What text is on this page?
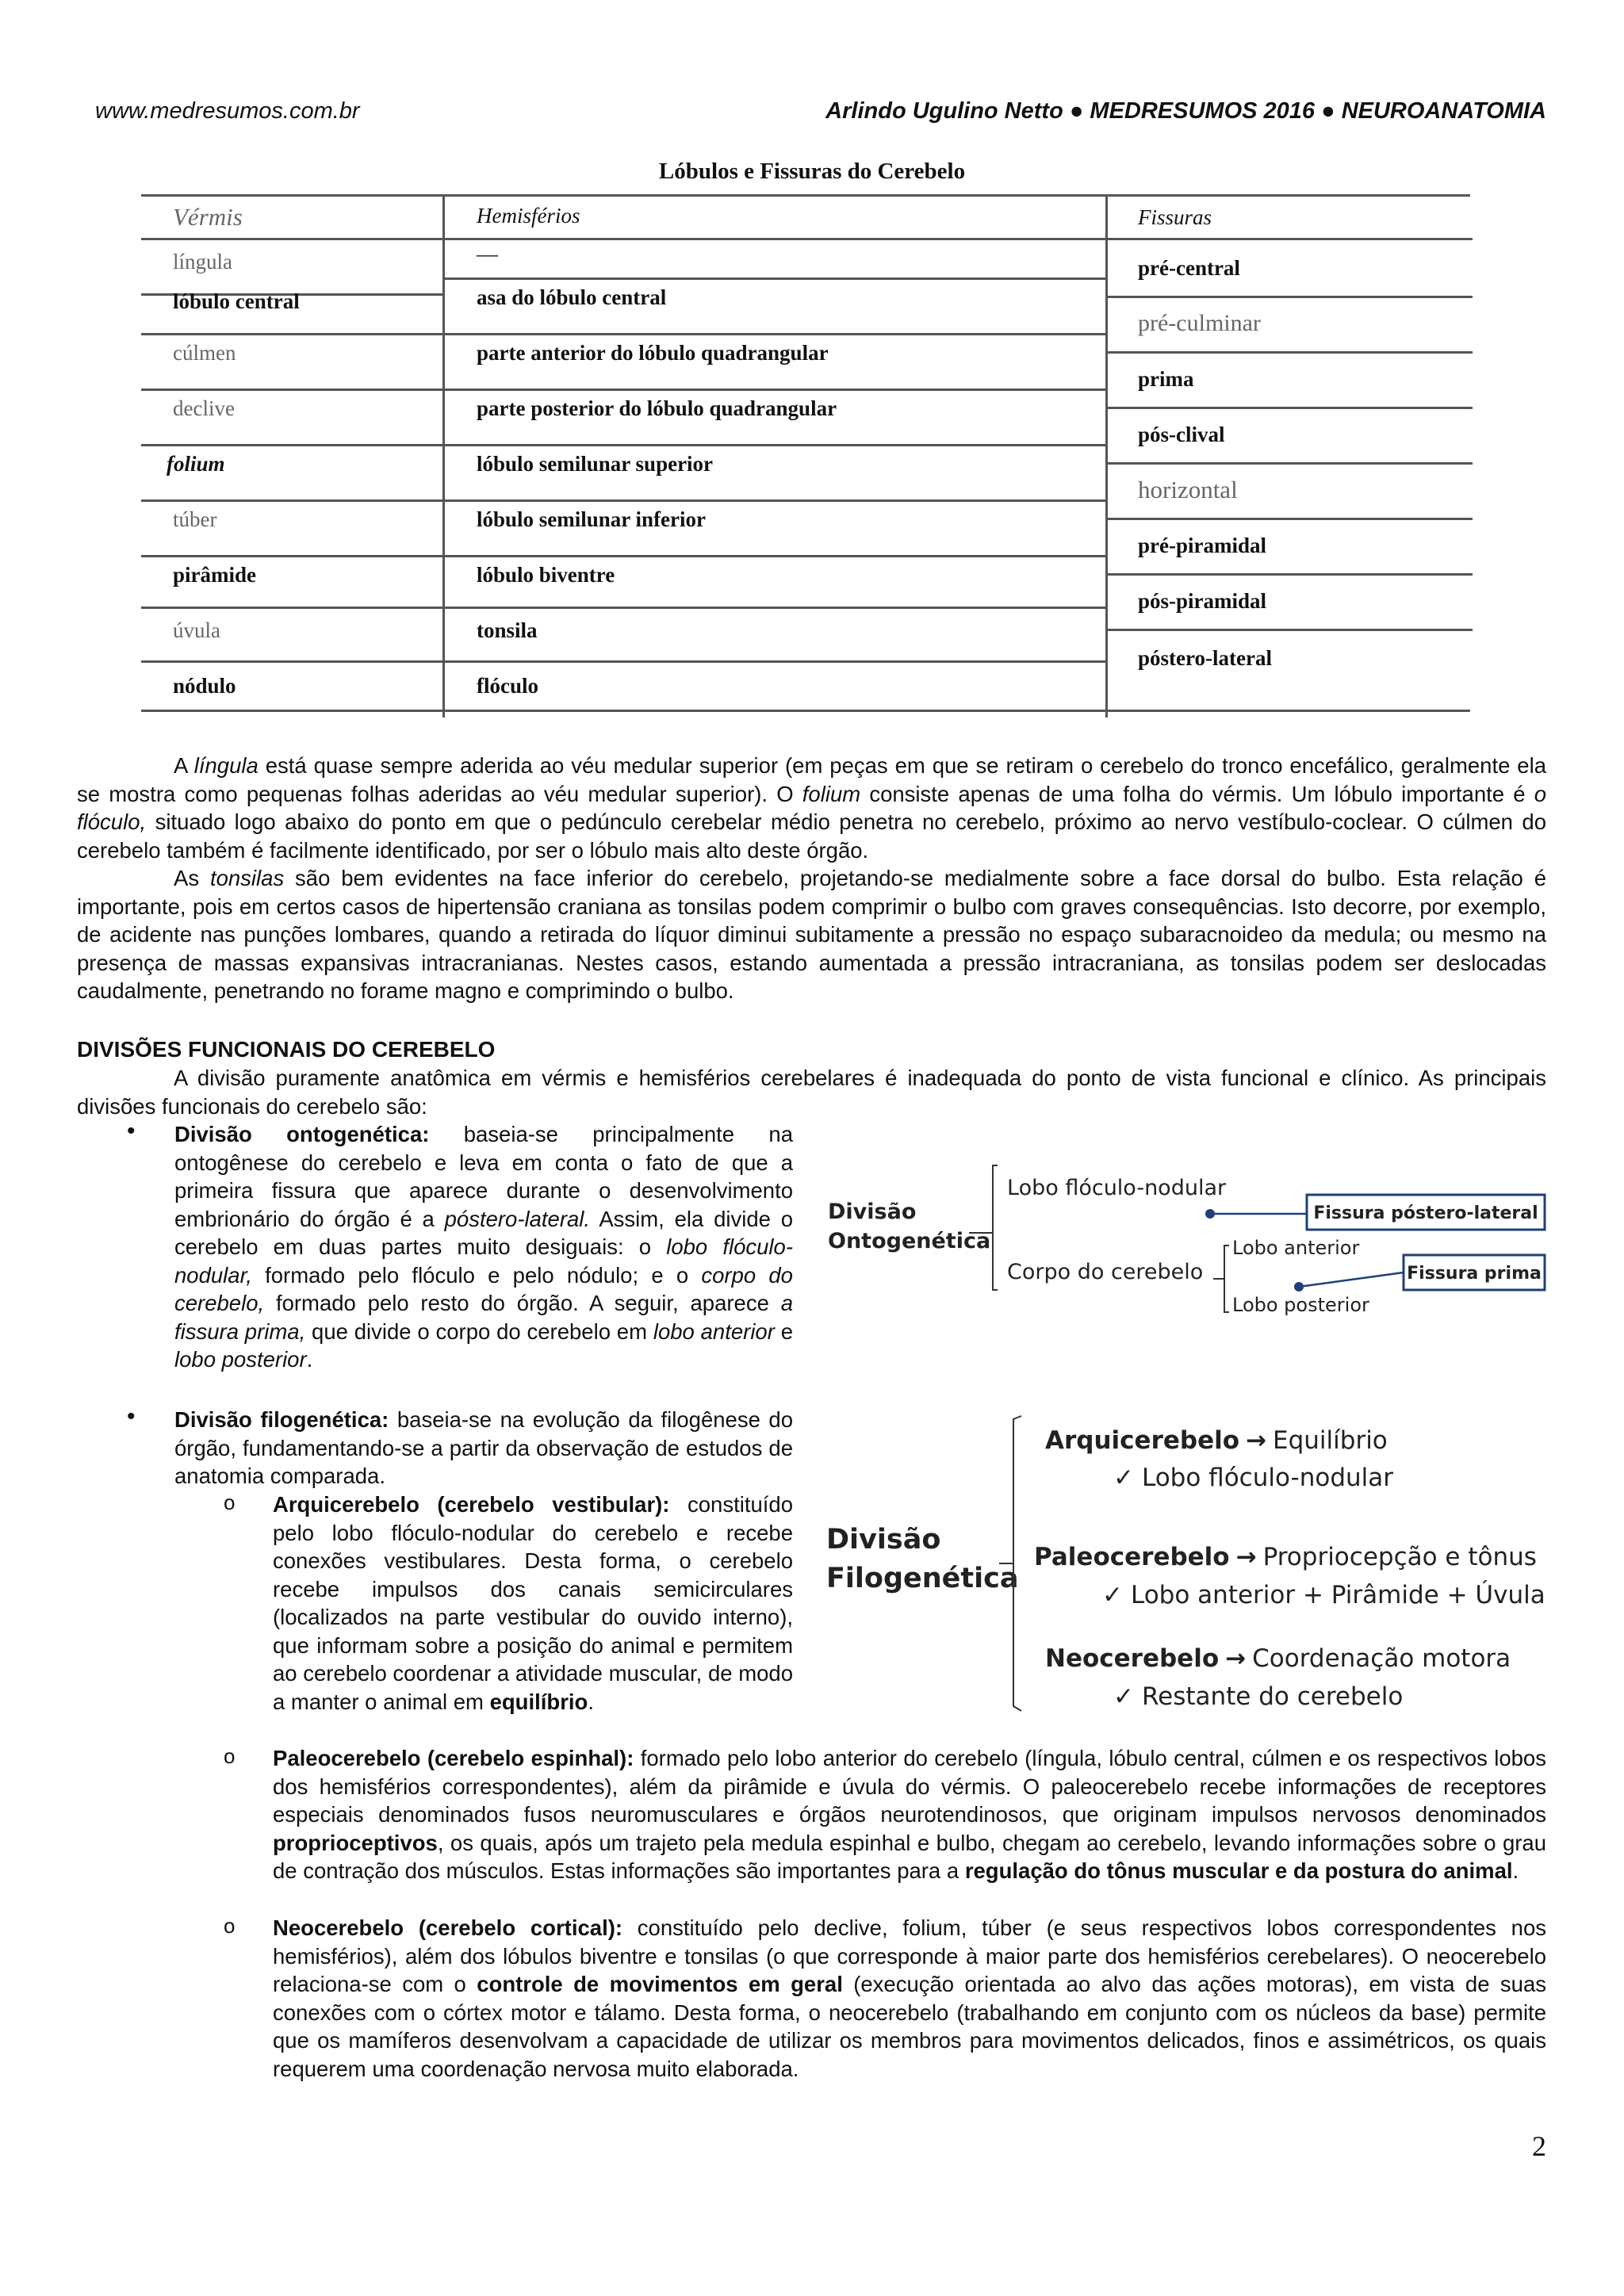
www.medresumos.com.br	Arlindo Ugulino Netto ● MEDRESUMOS 2016 ● NEUROANATOMIA
Lóbulos e Fissuras do Cerebelo
Vérmis
língula
lóbulo central
cúlmen
declive
folium
túber
pirâmide
úvula
nódulo
Hemisférios
—
asa do lóbulo central
parte anterior do lóbulo quadrangular
parte posterior do lóbulo quadrangular
lóbulo semilunar superior
lóbulo semilunar inferior
lóbulo biventre
tonsila
flóculo
Fissuras
pré-central
pré-culminar
prima
pós-clival
horizontal
pré-piramidal
pós-piramidal
póstero-lateral
A língula está quase sempre aderida ao véu medular superior (em peças em que se retiram o cerebelo do tronco encefálico, geralmente ela se mostra como pequenas folhas aderidas ao véu medular superior). O folium consiste apenas de uma folha do vérmis. Um lóbulo importante é o flóculo, situado logo abaixo do ponto em que o pedúnculo cerebelar médio penetra no cerebelo, próximo ao nervo vestíbulo-coclear. O cúlmen do cerebelo também é facilmente identificado, por ser o lóbulo mais alto deste órgão.
As tonsilas são bem evidentes na face inferior do cerebelo, projetando-se medialmente sobre a face dorsal do bulbo. Esta relação é importante, pois em certos casos de hipertensão craniana as tonsilas podem comprimir o bulbo com graves consequências. Isto decorre, por exemplo, de acidente nas punções lombares, quando a retirada do líquor diminui subitamente a pressão no espaço subaracnoideo da medula; ou mesmo na presença de massas expansivas intracranianas. Nestes casos, estando aumentada a pressão intracraniana, as tonsilas podem ser deslocadas caudalmente, penetrando no forame magno e comprimindo o bulbo.
DIVISÕES FUNCIONAIS DO CEREBELO
A divisão puramente anatômica em vérmis e hemisférios cerebelares é inadequada do ponto de vista funcional e clínico. As principais divisões funcionais do cerebelo são:
• Divisão ontogenética: baseia-se principalmente na ontogênese do cerebelo e leva em conta o fato de que a primeira fissura que aparece durante o desenvolvimento embrionário do órgão é a póstero-lateral. Assim, ela divide o cerebelo em duas partes muito desiguais: o lobo flóculo-nodular, formado pelo flóculo e pelo nódulo; e o corpo do cerebelo, formado pelo resto do órgão. A seguir, aparece a fissura prima, que divide o corpo do cerebelo em lobo anterior e lobo posterior.
Divisão
Ontogenética
Lobo flóculo-nodular
Corpo do cerebelo
Fissura póstero-lateral
Lobo anterior
Lobo posterior
Fissura prima
• Divisão filogenética: baseia-se na evolução da filogênese do órgão, fundamentando-se a partir da observação de estudos de anatomia comparada.
o Arquicerebelo (cerebelo vestibular): constituído pelo lobo flóculo-nodular do cerebelo e recebe conexões vestibulares. Desta forma, o cerebelo recebe impulsos dos canais semicirculares (localizados na parte vestibular do ouvido interno), que informam sobre a posição do animal e permitem ao cerebelo coordenar a atividade muscular, de modo a manter o animal em equilíbrio.
Divisão
Filogenética
Arquicerebelo → Equilíbrio
✓ Lobo flóculo-nodular
Paleocerebelo → Propriocepção e tônus
✓ Lobo anterior + Pirâmide + Úvula
Neocerebelo → Coordenação motora
✓ Restante do cerebelo
o Paleocerebelo (cerebelo espinhal): formado pelo lobo anterior do cerebelo (língula, lóbulo central, cúlmen e os respectivos lobos dos hemisférios correspondentes), além da pirâmide e úvula do vérmis. O paleocerebelo recebe informações de receptores especiais denominados fusos neuromusculares e órgãos neurotendinosos, que originam impulsos nervosos denominados proprioceptivos, os quais, após um trajeto pela medula espinhal e bulbo, chegam ao cerebelo, levando informações sobre o grau de contração dos músculos. Estas informações são importantes para a regulação do tônus muscular e da postura do animal.
o Neocerebelo (cerebelo cortical): constituído pelo declive, folium, túber (e seus respectivos lobos correspondentes nos hemisférios), além dos lóbulos biventre e tonsilas (o que corresponde à maior parte dos hemisférios cerebelares). O neocerebelo relaciona-se com o controle de movimentos em geral (execução orientada ao alvo das ações motoras), em vista de suas conexões com o córtex motor e tálamo. Desta forma, o neocerebelo (trabalhando em conjunto com os núcleos da base) permite que os mamíferos desenvolvam a capacidade de utilizar os membros para movimentos delicados, finos e assimétricos, os quais requerem uma coordenação nervosa muito elaborada.
2
